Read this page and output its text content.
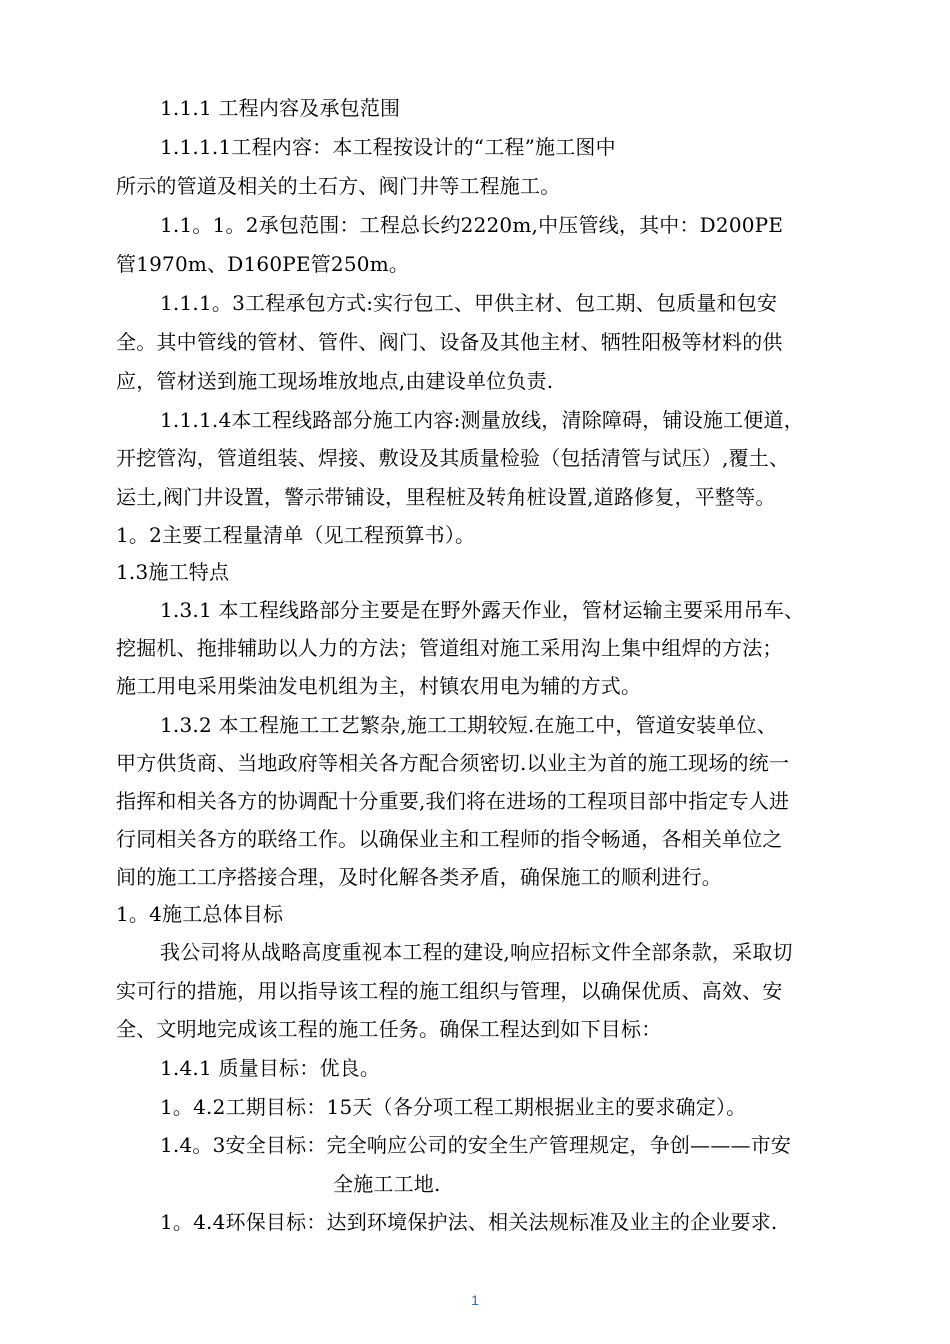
1.1.1 工程内容及承包范围
1.1.1.1工程内容：本工程按设计的“工程”施工图中
所示的管道及相关的土石方、阀门井等工程施工。
1.1。1。2承包范围：工程总长约2220m,中压管线，其中：D200PE
管1970m、D160PE管250m。
1.1.1。3工程承包方式:实行包工、甲供主材、包工期、包质量和包安
全。其中管线的管材、管件、阀门、设备及其他主材、牺牲阳极等材料的供
应，管材送到施工现场堆放地点,由建设单位负责.
1.1.1.4本工程线路部分施工内容:测量放线，清除障碍，铺设施工便道，
开挖管沟，管道组装、焊接、敷设及其质量检验（包括清管与试压）,覆土、
运土,阀门井设置，警示带铺设，里程桩及转角桩设置,道路修复，平整等。
1。2主要工程量清单（见工程预算书）。
1.3施工特点
1.3.1 本工程线路部分主要是在野外露天作业，管材运输主要采用吊车、
挖掘机、拖排辅助以人力的方法；管道组对施工采用沟上集中组焊的方法；
施工用电采用柴油发电机组为主，村镇农用电为辅的方式。
1.3.2 本工程施工工艺繁杂,施工工期较短.在施工中，管道安装单位、
甲方供货商、当地政府等相关各方配合须密切.以业主为首的施工现场的统一
指挥和相关各方的协调配十分重要,我们将在进场的工程项目部中指定专人进
行同相关各方的联络工作。以确保业主和工程师的指令畅通，各相关单位之
间的施工工序搭接合理，及时化解各类矛盾，确保施工的顺利进行。
1。4施工总体目标
我公司将从战略高度重视本工程的建设,响应招标文件全部条款，采取切
实可行的措施，用以指导该工程的施工组织与管理，以确保优质、高效、安
全、文明地完成该工程的施工任务。确保工程达到如下目标：
1.4.1 质量目标：优良。
1。4.2工期目标：15天（各分项工程工期根据业主的要求确定）。
1.4。3安全目标：完全响应公司的安全生产管理规定，争创———市安
全施工工地.
1。4.4环保目标：达到环境保护法、相关法规标准及业主的企业要求.
1
